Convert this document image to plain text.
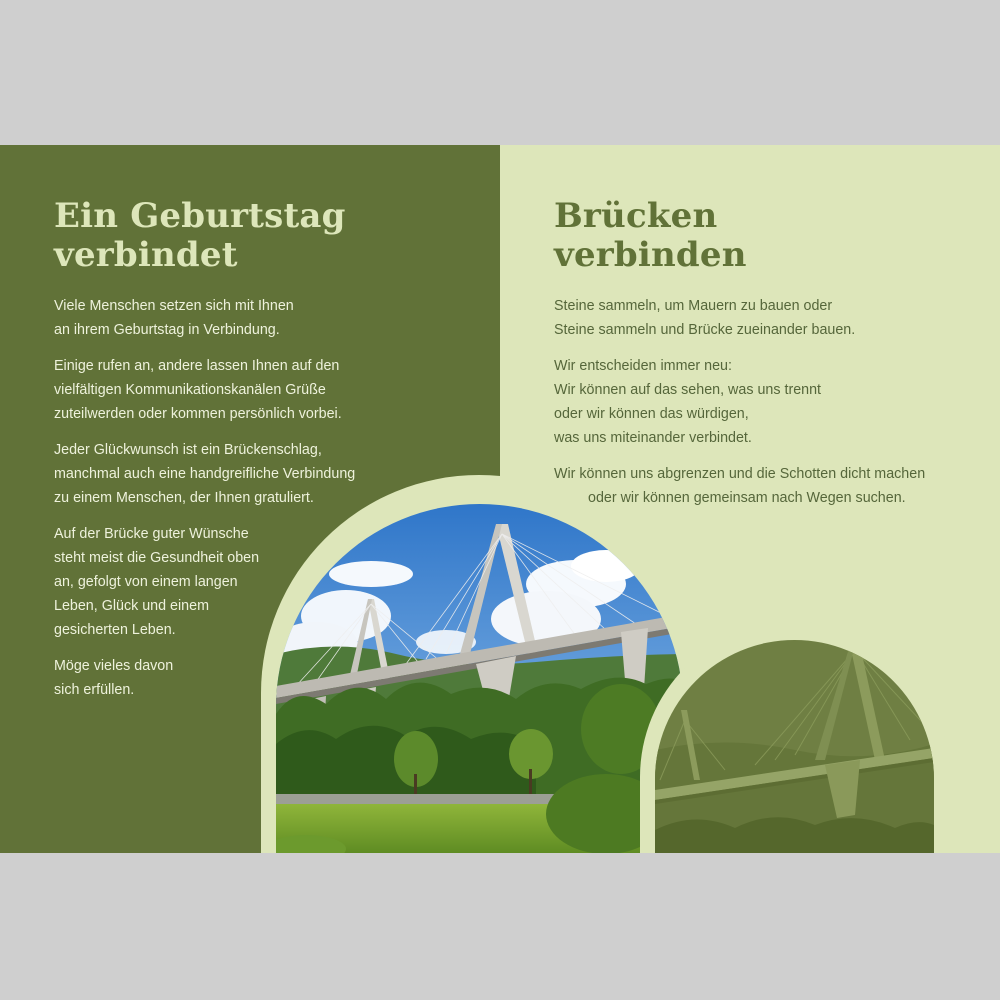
Ein Geburtstag
verbindet

Viele Menschen setzen sich mit Ihnen
an ihrem Geburtstag in Verbindung.

Einige rufen an, andere lassen Ihnen auf den
vielfältigen Kommunikationskanälen Grüße
zuteilwerden oder kommen persönlich vorbei.

Jeder Glückwunsch ist ein Brückenschlag,
manchmal auch eine handgreifliche Verbindung
zu einem Menschen, der Ihnen gratuliert.

Auf der Brücke guter Wünsche
steht meist die Gesundheit oben
an, gefolgt von einem langen
Leben, Glück und einem
gesicherten Leben.

Möge vieles davon
sich erfüllen.

Brücken
verbinden

Steine sammeln, um Mauern zu bauen oder
Steine sammeln und Brücke zueinander bauen.

Wir entscheiden immer neu:
Wir können auf das sehen, was uns trennt
oder wir können das würdigen,
was uns miteinander verbindet.

Wir können uns abgrenzen und die Schotten dicht machen
oder wir können gemeinsam nach Wegen suchen.
